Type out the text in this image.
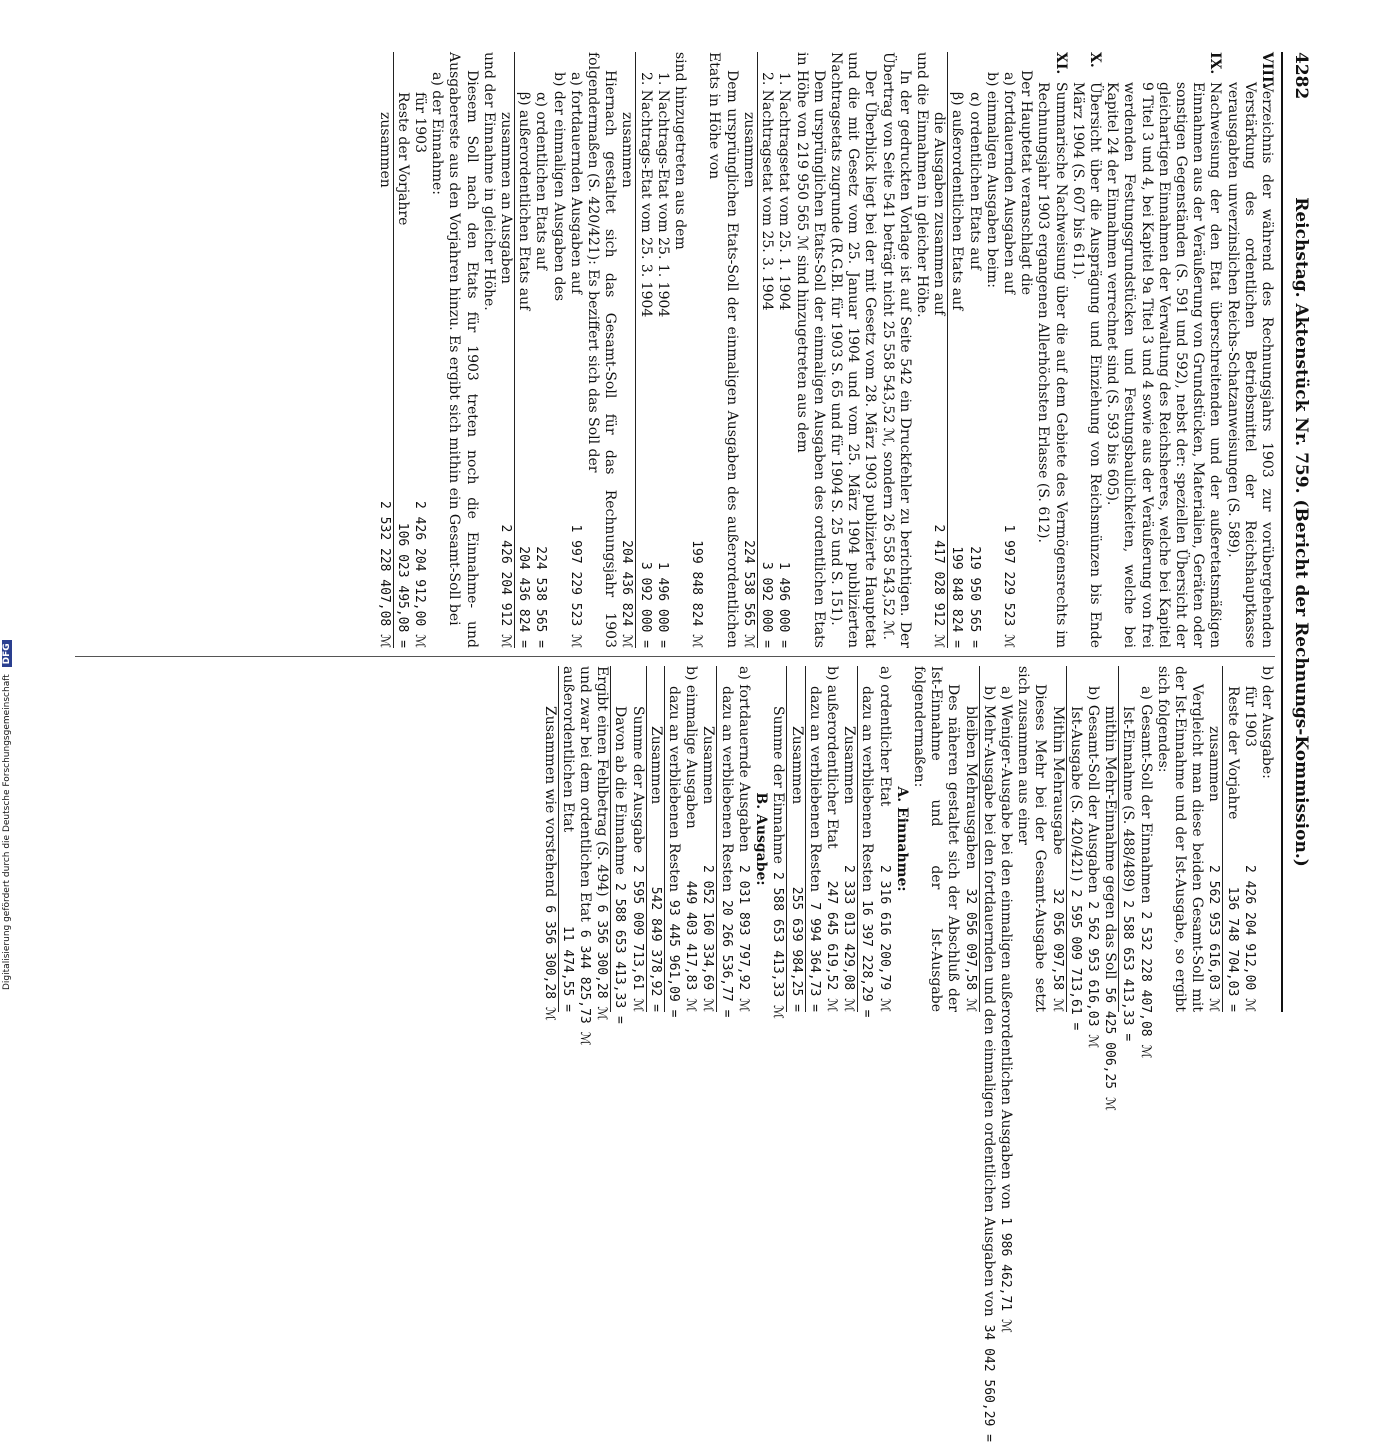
4282
Reichstag. Aktenstück Nr. 759. (Bericht der Rechnungs-Kommission.)
VIII.
Verzeichnis der während des Rechnungsjahrs 1903 zur vorübergehenden Verstärkung des ordentlichen Betriebsmittel der Reichshauptkasse verausgabten unverzinslichen Reichs-Schatzanweisungen (S. 589).
IX.
Nachweisung der den Etat überschreitenden und der außeretatsmäßigen Einnahmen aus der Veräußerung von Grundstücken, Materialien, Geräten oder sonstigen Gegenständen (S. 591 und 592), nebst der: speziellen Übersicht der gleichartigen Einnahmen der Verwaltung des Reichsheeres, welche bei Kapitel 9 Titel 3 und 4, bei Kapitel 9a Titel 3 und 4 sowie aus der Veräußerung von frei werdenden Festungsgrundstücken und Festungsbaulichkeiten, welche bei Kapitel 24 der Einnahmen verrechnet sind (S. 593 bis 605).
X.
Übersicht über die Ausprägung und Einziehung von Reichsmünzen bis Ende März 1904 (S. 607 bis 611).
XI.
Summarische Nachweisung über die auf dem Gebiete des Vermögensrechts im Rechnungsjahr 1903 ergangenen Allerhöchsten Erlasse (S. 612).

Der Hauptetat veranschlagt die

a) fortdauernden Ausgaben auf
1 997 229 523 ℳ
b) einmaligen Ausgaben beim:
α) ordentlichen Etats auf
219 950 565 =
β) außerordentlichen Etats auf
199 848 824 =
die Ausgaben zusammen auf
2 417 028 912 ℳ

und die Einnahmen in gleicher Höhe.

In der gedruckten Vorlage ist auf Seite 542 ein Druckfehler zu berichtigen. Der Übertrag von Seite 541 beträgt nicht 25 558 543,52 ℳ, sondern 26 558 543,52 ℳ.

Der Überblick liegt bei der mit Gesetz vom 28. März 1903 publizierte Hauptetat und die mit Gesetz vom 25. Januar 1904 und vom 25. März 1904 publizierten Nachtragsetats zugrunde (R.G.Bl. für 1903 S. 65 und für 1904 S. 25 und S. 151).

Dem ursprünglichen Etats-Soll der einmaligen Ausgaben des ordentlichen Etats in Höhe von 219 950 565 ℳ sind hinzugetreten aus dem

1. Nachtragsetat vom 25. 1. 1904
1 496 000 =
2. Nachtragsetat vom 25. 3. 1904
3 092 000 =
zusammen
224 538 565 ℳ

Dem ursprünglichen Etats-Soll der einmaligen Ausgaben des außerordentlichen Etats in Höhe von

199 848 824 ℳ

sind hinzugetreten aus dem

1. Nachtrags-Etat vom 25. 1. 1904
1 496 000 =
2. Nachtrags-Etat vom 25. 3. 1904
3 092 000 =
zusammen
204 436 824 ℳ

Hiernach gestaltet sich das Gesamt-Soll für das Rechnungsjahr 1903 folgendermaßen (S. 420/421): Es beziffert sich das Soll der

a) fortdauernden Ausgaben auf
1 997 229 523 ℳ
b) der einmaligen Ausgaben des
α) ordentlichen Etats auf
224 538 565 =
β) außerordentlichen Etats auf
204 436 824 =
zusammen an Ausgaben
2 426 204 912 ℳ

und der Einnahme in gleicher Höhe.

Diesem Soll nach den Etats für 1903 treten noch die Einnahme- und Ausgabereste aus den Vorjahren hinzu. Es ergibt sich mithin ein Gesamt-Soll bei

a) der Einnahme:
für 1903
2 426 204 912,00 ℳ
Reste der Vorjahre
106 023 495,08 =
zusammen
2 532 228 407,08 ℳ
b) der Ausgabe:
für 1903
2 426 204 912,00 ℳ
Reste der Vorjahre
136 748 704,03 =
zusammen
2 562 953 616,03 ℳ

Vergleicht man diese beiden Gesamt-Soll mit der Ist-Einnahme und der Ist-Ausgabe, so ergibt sich folgendes:

a) Gesamt-Soll der Einnahmen
2 532 228 407,08 ℳ
Ist-Einnahme (S. 488/489)
2 588 653 413,33 =
mithin Mehr-Einnahme gegen das Soll
56 425 006,25 ℳ
b) Gesamt-Soll der Ausgaben
2 562 953 616,03 ℳ
Ist-Ausgabe (S. 420/421)
2 595 009 713,61 =
Mithin Mehrausgabe
32 056 097,58 ℳ

Dieses Mehr bei der Gesamt-Ausgabe setzt sich zusammen aus einer

a) Weniger-Ausgabe bei den einmaligen außerordentlichen Ausgaben von
1 986 462,71 ℳ
b) Mehr-Ausgabe bei den fortdauernden und den einmaligen ordentlichen Ausgaben von
34 042 560,29 =
bleiben Mehrausgaben
32 056 097,58 ℳ

Des näheren gestaltet sich der Abschluß der Ist-Einnahme und der Ist-Ausgabe folgendermaßen:

A. Einnahme:
a) ordentlicher Etat
2 316 616 200,79 ℳ
dazu an verbliebenen Resten
16 397 228,29 =
Zusammen
2 333 013 429,08 ℳ
b) außerordentlicher Etat
247 645 619,52 ℳ
dazu an verbliebenen Resten
7 994 364,73 =
Zusammen
255 639 984,25 =
Summe der Einnahme
2 588 653 413,33 ℳ
B. Ausgabe:
a) fortdauernde Ausgaben
2 031 893 797,92 ℳ
dazu an verbliebenen Resten
20 266 536,77 =
Zusammen
2 052 160 334,69 ℳ
b) einmalige Ausgaben
449 403 417,83 ℳ
dazu an verbliebenen Resten
93 445 961,09 =
Zusammen
542 849 378,92 =
Summe der Ausgabe
2 595 009 713,61 ℳ
Davon ab die Einnahme
2 588 653 413,33 =
Ergibt einen Fehlbetrag (S. 494)
6 356 300,28 ℳ
und zwar bei dem ordentlichen Etat
6 344 825,73 ℳ
außerordentlichen Etat
11 474,55 =
Zusammen wie vorstehend
6 356 300,28 ℳ
Digitalisierung gefördert durch die Deutsche Forschungsgemeinschaft DFG
